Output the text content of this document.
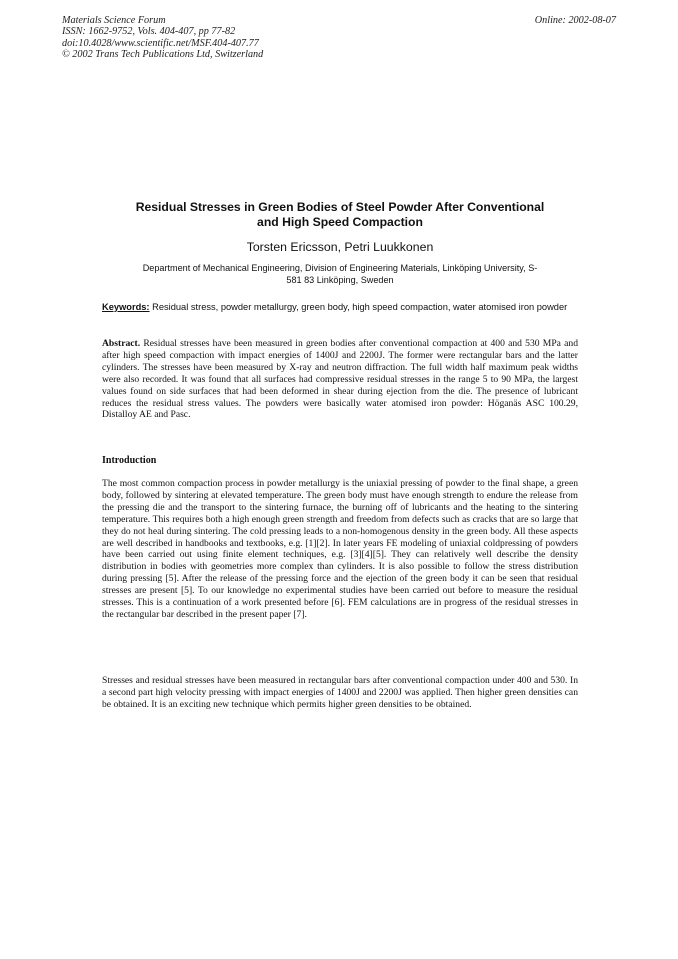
Materials Science Forum
ISSN: 1662-9752, Vols. 404-407, pp 77-82
doi:10.4028/www.scientific.net/MSF.404-407.77
© 2002 Trans Tech Publications Ltd, Switzerland
Online: 2002-08-07
Residual Stresses in Green Bodies of Steel Powder After Conventional
and High Speed Compaction
Torsten Ericsson, Petri Luukkonen
Department of Mechanical Engineering, Division of Engineering Materials, Linköping University, S-
581 83 Linköping, Sweden
Keywords: Residual stress, powder metallurgy, green body, high speed compaction, water atomised iron powder
Abstract. Residual stresses have been measured in green bodies after conventional compaction at 400 and 530 MPa and after high speed compaction with impact energies of 1400J and 2200J. The former were rectangular bars and the latter cylinders. The stresses have been measured by X-ray and neutron diffraction. The full width half maximum peak widths were also recorded. It was found that all surfaces had compressive residual stresses in the range 5 to 90 MPa, the largest values found on side surfaces that had been deformed in shear during ejection from the die. The presence of lubricant reduces the residual stress values. The powders were basically water atomised iron powder: Höganäs ASC 100.29, Distalloy AE and Pasc.
Introduction
The most common compaction process in powder metallurgy is the uniaxial pressing of powder to the final shape, a green body, followed by sintering at elevated temperature. The green body must have enough strength to endure the release from the pressing die and the transport to the sintering furnace, the burning off of lubricants and the heating to the sintering temperature. This requires both a high enough green strength and freedom from defects such as cracks that are so large that they do not heal during sintering. The cold pressing leads to a non-homogenous density in the green body. All these aspects are well described in handbooks and textbooks, e.g. [1][2]. In later years FE modeling of uniaxial coldpressing of powders have been carried out using finite element techniques, e.g. [3][4][5]. They can relatively well describe the density distribution in bodies with geometries more complex than cylinders. It is also possible to follow the stress distribution during pressing [5]. After the release of the pressing force and the ejection of the green body it can be seen that residual stresses are present [5]. To our knowledge no experimental studies have been carried out before to measure the residual stresses. This is a continuation of a work presented before [6]. FEM calculations are in progress of the residual stresses in the rectangular bar described in the present paper [7].
Stresses and residual stresses have been measured in rectangular bars after conventional compaction under 400 and 530. In a second part high velocity pressing with impact energies of 1400J and 2200J was applied. Then higher green densities can be obtained. It is an exciting new technique which permits higher green densities to be obtained.
